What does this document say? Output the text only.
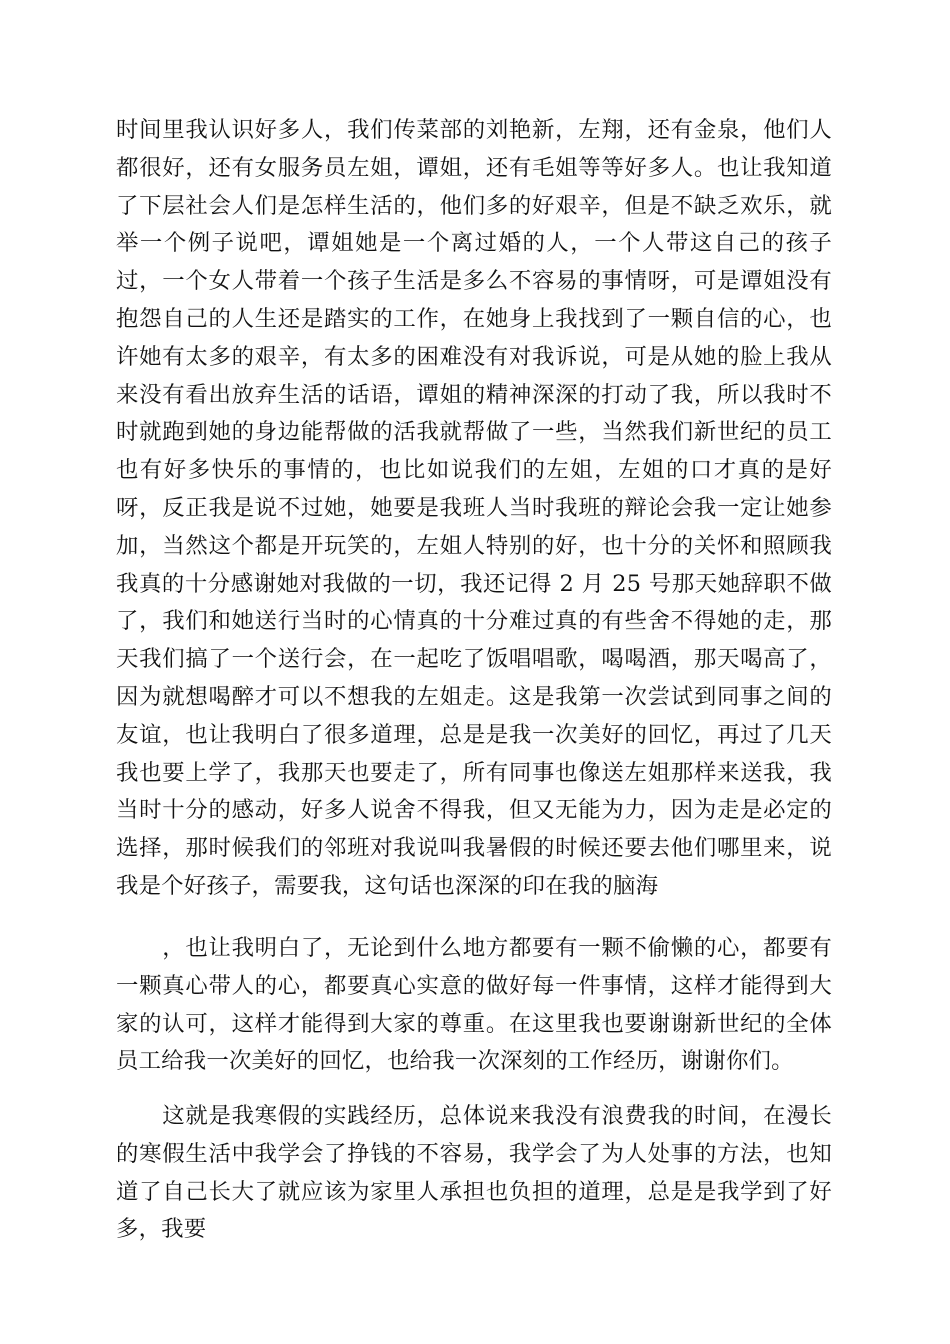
时间里我认识好多人，我们传菜部的刘艳新，左翔，还有金泉，他们人都很好，还有女服务员左姐，谭姐，还有毛姐等等好多人。也让我知道了下层社会人们是怎样生活的，他们多的好艰辛，但是不缺乏欢乐，就举一个例子说吧，谭姐她是一个离过婚的人，一个人带这自己的孩子过，一个女人带着一个孩子生活是多么不容易的事情呀，可是谭姐没有抱怨自己的人生还是踏实的工作，在她身上我找到了一颗自信的心，也许她有太多的艰辛，有太多的困难没有对我诉说，可是从她的脸上我从来没有看出放弃生活的话语，谭姐的精神深深的打动了我，所以我时不时就跑到她的身边能帮做的活我就帮做了一些，当然我们新世纪的员工也有好多快乐的事情的，也比如说我们的左姐，左姐的口才真的是好呀，反正我是说不过她，她要是我班人当时我班的辩论会我一定让她参加，当然这个都是开玩笑的，左姐人特别的好，也十分的关怀和照顾我我真的十分感谢她对我做的一切，我还记得 2 月 25 号那天她辞职不做了，我们和她送行当时的心情真的十分难过真的有些舍不得她的走，那天我们搞了一个送行会，在一起吃了饭唱唱歌，喝喝酒，那天喝高了，因为就想喝醉才可以不想我的左姐走。这是我第一次尝试到同事之间的友谊，也让我明白了很多道理，总是是我一次美好的回忆，再过了几天我也要上学了，我那天也要走了，所有同事也像送左姐那样来送我，我当时十分的感动，好多人说舍不得我，但又无能为力，因为走是必定的选择，那时候我们的邻班对我说叫我暑假的时候还要去他们哪里来，说我是个好孩子，需要我，这句话也深深的印在我的脑海
　　，也让我明白了，无论到什么地方都要有一颗不偷懒的心，都要有一颗真心带人的心，都要真心实意的做好每一件事情，这样才能得到大家的认可，这样才能得到大家的尊重。在这里我也要谢谢新世纪的全体员工给我一次美好的回忆，也给我一次深刻的工作经历，谢谢你们。
　　这就是我寒假的实践经历，总体说来我没有浪费我的时间，在漫长的寒假生活中我学会了挣钱的不容易，我学会了为人处事的方法，也知道了自己长大了就应该为家里人承担也负担的道理，总是是我学到了好多，我要
